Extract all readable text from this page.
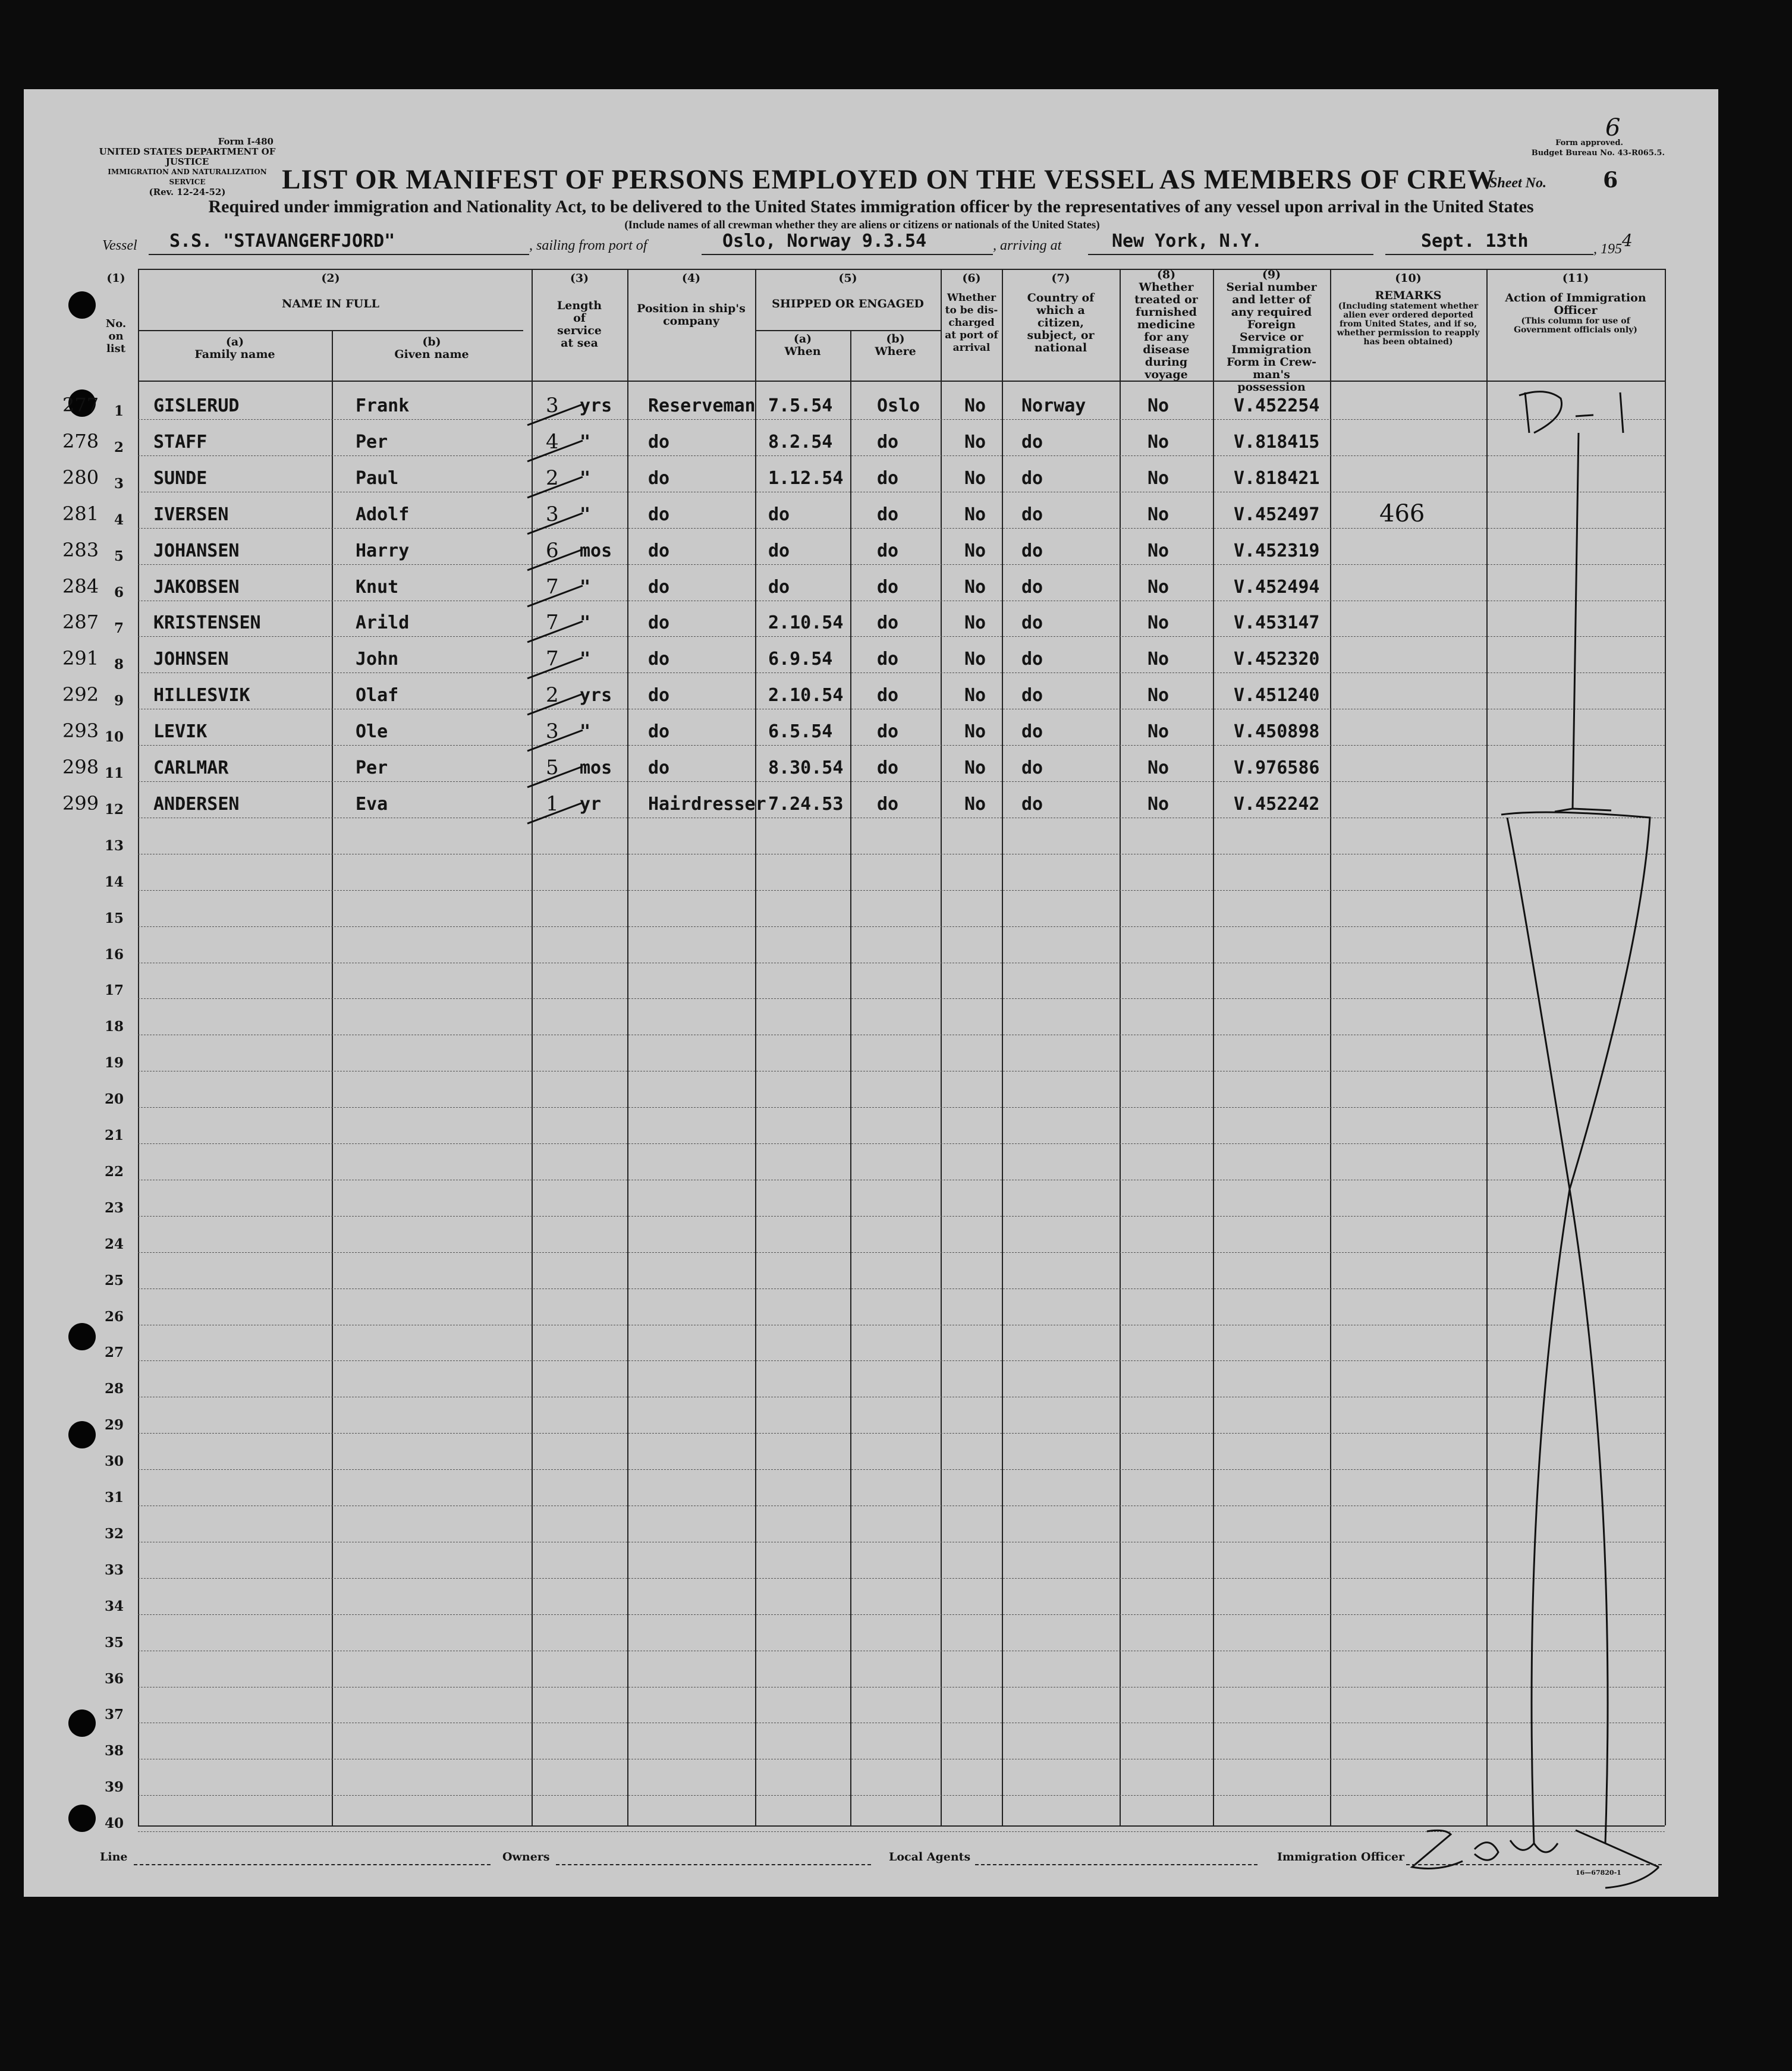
Form I-480
UNITED STATES DEPARTMENT OF JUSTICE
IMMIGRATION AND NATURALIZATION SERVICE
(Rev. 12-24-52)
Form approved.
Budget Bureau No. 43-R065.5.
6
Sheet No.	6
LIST OR MANIFEST OF PERSONS EMPLOYED ON THE VESSEL AS MEMBERS OF CREW
Required under immigration and Nationality Act, to be delivered to the United States immigration officer by the representatives of any vessel upon arrival in the United States
(Include names of all crewman whether they are aliens or citizens or nationals of the United States)
Vessel S.S. "STAVANGERFJORD"	, sailing from port of	Oslo, Norway 9.3.54	, arriving at	New York, N.Y.	Sept. 13th	, 1954
(1)
No. on list
(2)
NAME IN FULL
(a)
Family name
(b)
Given name
(3)
Length of service at sea
(4)
Position in ship's company
(5)
SHIPPED OR ENGAGED
(a)
When
(b)
Where
(6)
Whether to be dis-charged at port of arrival
(7)
Country of which a citizen, subject, or national
(8)
Whether treated or furnished medicine for any disease during voyage
(9)
Serial number and letter of any required Foreign Service or Immigration Form in Crew-man's possession
(10)
REMARKS
(Including statement whether alien ever ordered deported from United States, and if so, whether permission to reapply has been obtained)
(11)
Action of Immigration Officer
(This column for use of Government officials only)
1
2
3
4
5
6
7
8
9
10
11
12
13
14
15
16
17
18
19
20
21
22
23
24
25
26
27
28
29
30
31
32
33
34
35
36
37
38
39
40
277	GISLERUD	Frank	Reserveman 7.5.54 Oslo No Norway	No	V.452254
3 yrs
278	STAFF	Per	do	8.2.54 do	No do	No	V.818415
4 "
280	SUNDE	Paul	do	1.12.54 do	No do	No	V.818421
2 "
281	IVERSEN	Adolf	do	do	do	No do	No	V.452497
3 "	466
283	JOHANSEN	Harry	do	do	do	No do	No	V.452319
6 mos
284	JAKOBSEN	Knut	do	do	do	No do	No	V.452494
7 "
287	KRISTENSEN	Arild	do	2.10.54 do	No do	No	V.453147
7 "
291	JOHNSEN	John	do	6.9.54 do	No do	No	V.452320
7 "
292	HILLESVIK	Olaf	do	2.10.54 do	No do	No	V.451240
2 yrs
293	LEVIK	Ole	do	6.5.54 do	No do	No	V.450898
3 "
298	CARLMAR	Per	do	8.30.54 do	No do	No	V.976586
5 mos
299	ANDERSEN	Eva	Hairdresser 7.24.53 do	No do	No	V.452242
1 yr
Line	Owners	Local Agents	Immigration Officer
16—67820-1
